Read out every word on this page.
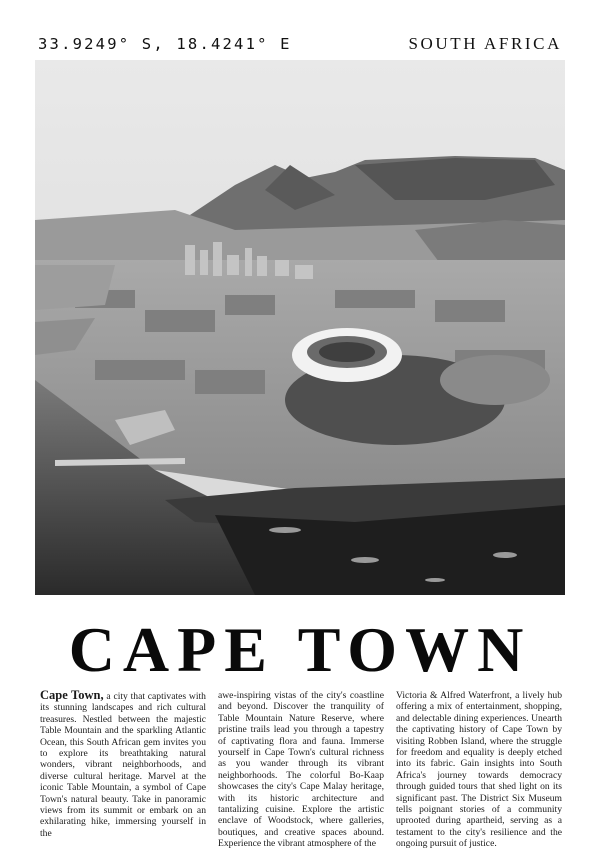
33.9249° S, 18.4241° E	SOUTH AFRICA
CAPE TOWN
Cape Town, a city that captivates with its stunning landscapes and rich cultural treasures. Nestled between the majestic Table Mountain and the sparkling Atlantic Ocean, this South African gem invites you to explore its breathtaking natural wonders, vibrant neighborhoods, and diverse cultural heritage. Marvel at the iconic Table Mountain, a symbol of Cape Town's natural beauty. Take in panoramic views from its summit or embark on an exhilarating hike, immersing yourself in the
awe-inspiring vistas of the city's coastline and beyond. Discover the tranquility of Table Mountain Nature Reserve, where pristine trails lead you through a tapestry of captivating flora and fauna. Immerse yourself in Cape Town's cultural richness as you wander through its vibrant neighborhoods. The colorful Bo-Kaap showcases the city's Cape Malay heritage, with its historic architecture and tantalizing cuisine. Explore the artistic enclave of Woodstock, where galleries, boutiques, and creative spaces abound. Experience the vibrant atmosphere of the
Victoria & Alfred Waterfront, a lively hub offering a mix of entertainment, shopping, and delectable dining experiences. Unearth the captivating history of Cape Town by visiting Robben Island, where the struggle for freedom and equality is deeply etched into its fabric. Gain insights into South Africa's journey towards democracy through guided tours that shed light on its significant past. The District Six Museum tells poignant stories of a community uprooted during apartheid, serving as a testament to the city's resilience and the ongoing pursuit of justice.
